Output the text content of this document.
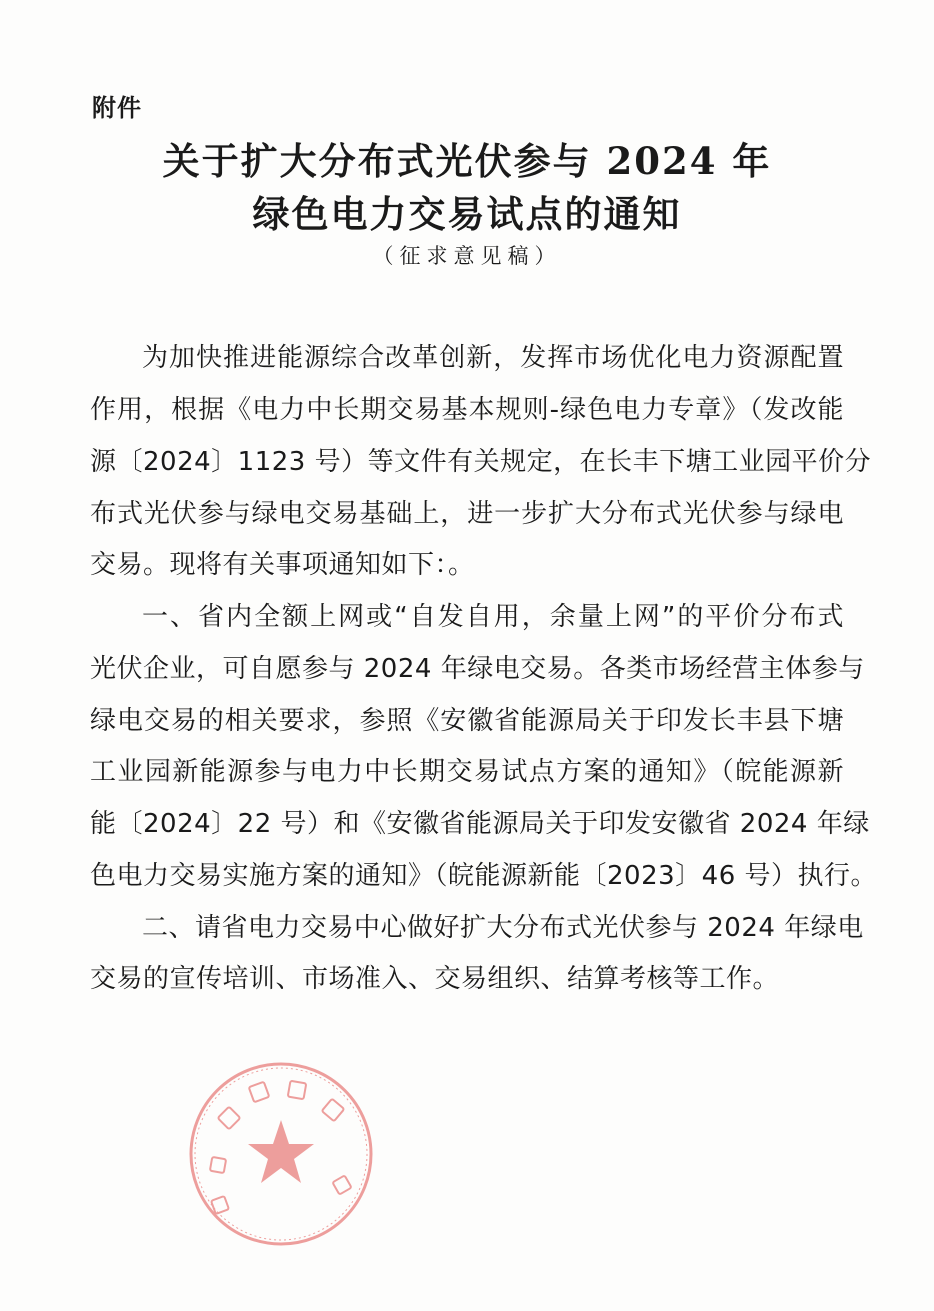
附件
关于扩大分布式光伏参与 2024 年
绿色电力交易试点的通知
（征求意见稿）
为加快推进能源综合改革创新，发挥市场优化电力资源配置
作用，根据《电力中长期交易基本规则-绿色电力专章》（发改能
源〔2024〕1123 号）等文件有关规定，在长丰下塘工业园平价分
布式光伏参与绿电交易基础上，进一步扩大分布式光伏参与绿电
交易。现将有关事项通知如下：。
一、省内全额上网或“自发自用，余量上网”的平价分布式
光伏企业，可自愿参与 2024 年绿电交易。各类市场经营主体参与
绿电交易的相关要求，参照《安徽省能源局关于印发长丰县下塘
工业园新能源参与电力中长期交易试点方案的通知》（皖能源新
能〔2024〕22 号）和《安徽省能源局关于印发安徽省 2024 年绿
色电力交易实施方案的通知》（皖能源新能〔2023〕46 号）执行。
二、请省电力交易中心做好扩大分布式光伏参与 2024 年绿电
交易的宣传培训、市场准入、交易组织、结算考核等工作。
